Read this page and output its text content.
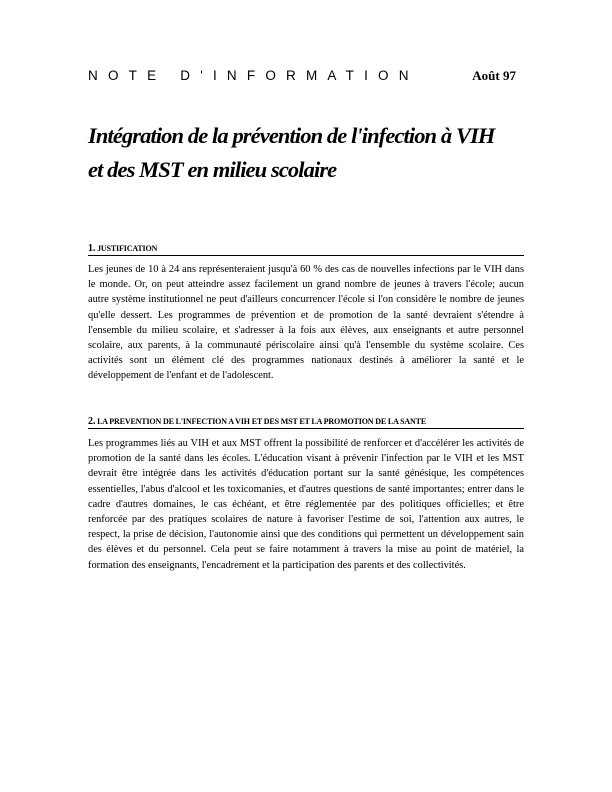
NOTE D'INFORMATION	Août 97
Intégration de la prévention de l'infection à VIH
et des MST en milieu scolaire
1. JUSTIFICATION

Les jeunes de 10 à 24 ans représenteraient jusqu'à 60 % des cas de nouvelles infections par le VIH dans le monde. Or, on peut atteindre assez facilement un grand nombre de jeunes à travers l'école; aucun autre système institutionnel ne peut d'ailleurs concurrencer l'école si l'on considère le nombre de jeunes qu'elle dessert. Les programmes de prévention et de promotion de la santé devraient s'étendre à l'ensemble du milieu scolaire, et s'adresser à la fois aux élèves, aux enseignants et autre personnel scolaire, aux parents, à la communauté périscolaire ainsi qu'à l'ensemble du système scolaire. Ces activités sont un élément clé des programmes nationaux destinés à améliorer la santé et le développement de l'enfant et de l'adolescent.

2. LA PREVENTION DE L'INFECTION A VIH ET DES MST ET LA PROMOTION DE LA SANTE

Les programmes liés au VIH et aux MST offrent la possibilité de renforcer et d'accélérer les activités de promotion de la santé dans les écoles. L'éducation visant à prévenir l'infection par le VIH et les MST devrait être intégrée dans les activités d'éducation portant sur la santé génésique, les compétences essentielles, l'abus d'alcool et les toxicomanies, et d'autres questions de santé importantes; entrer dans le cadre d'autres domaines, le cas échéant, et être réglementée par des politiques officielles; et être renforcée par des pratiques scolaires de nature à favoriser l'estime de soi, l'attention aux autres, le respect, la prise de décision, l'autonomie ainsi que des conditions qui permettent un développement sain des élèves et du personnel. Cela peut se faire notamment à travers la mise au point de matériel, la formation des enseignants, l'encadrement et la participation des parents et des collectivités.
